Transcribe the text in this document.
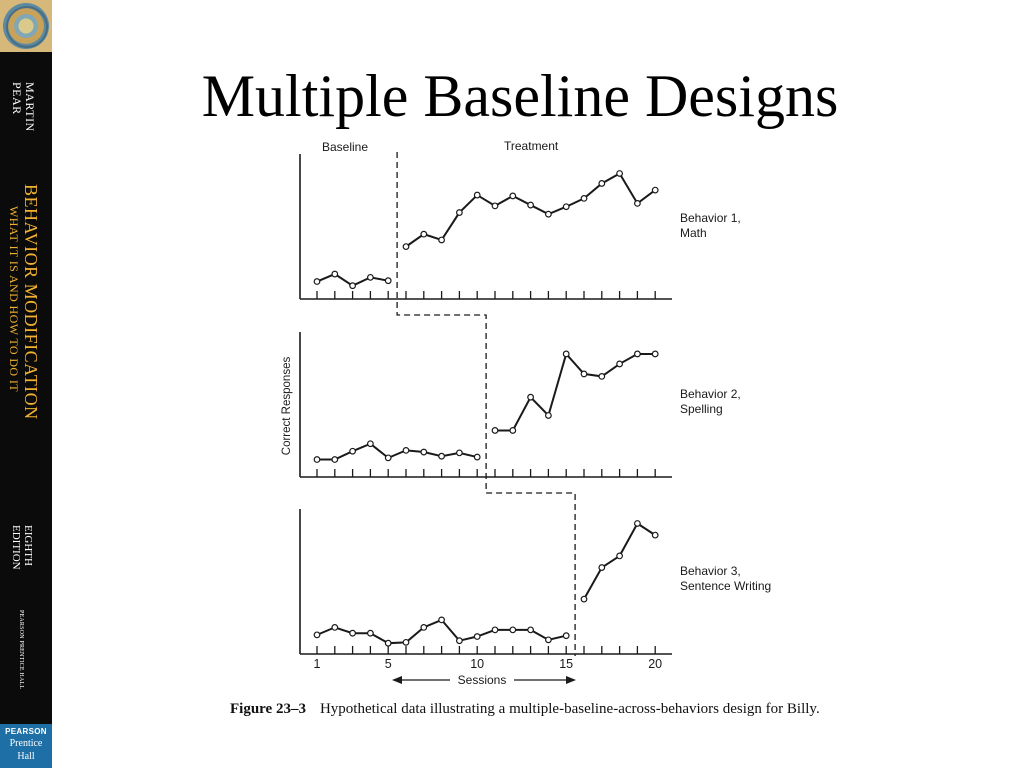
MARTIN
PEAR
BEHAVIOR MODIFICATION
WHAT IT IS AND HOW TO DO IT
EIGHTH
EDITION
PEARSON PRENTICE HALL
PEARSON
Prentice
Hall
Multiple Baseline Designs
Behavior 1,
Math
Behavior 2,
Spelling
Behavior 3,
Sentence Writing
Baseline	Treatment
Correct Responses
1	5	10	15	20
Sessions
Figure 23–3 Hypothetical data illustrating a multiple-baseline-across-behaviors design for Billy.
